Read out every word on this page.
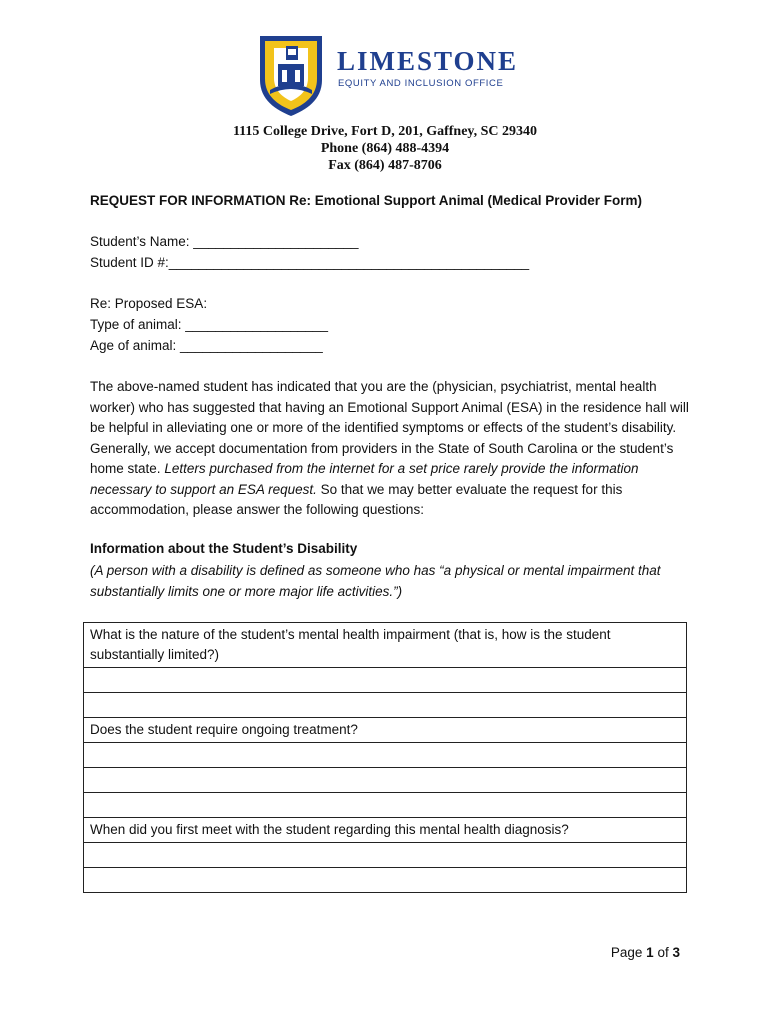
LIMESTONE
EQUITY AND INCLUSION OFFICE
1115 College Drive, Fort D, 201, Gaffney, SC 29340
Phone (864) 488-4394
Fax (864) 487-8706
REQUEST FOR INFORMATION Re: Emotional Support Animal (Medical Provider Form)
Student’s Name: ______________________
Student ID #:________________________________________________
Re: Proposed ESA:
Type of animal: ___________________
Age of animal: ___________________
The above-named student has indicated that you are the (physician, psychiatrist, mental health worker) who has suggested that having an Emotional Support Animal (ESA) in the residence hall will be helpful in alleviating one or more of the identified symptoms or effects of the student’s disability. Generally, we accept documentation from providers in the State of South Carolina or the student’s home state. Letters purchased from the internet for a set price rarely provide the information necessary to support an ESA request. So that we may better evaluate the request for this accommodation, please answer the following questions:
Information about the Student’s Disability
(A person with a disability is defined as someone who has “a physical or mental impairment that substantially limits one or more major life activities.”)
What is the nature of the student’s mental health impairment (that is, how is the student substantially limited?)

Does the student require ongoing treatment?

When did you first meet with the student regarding this mental health diagnosis?

Page 1 of 3
